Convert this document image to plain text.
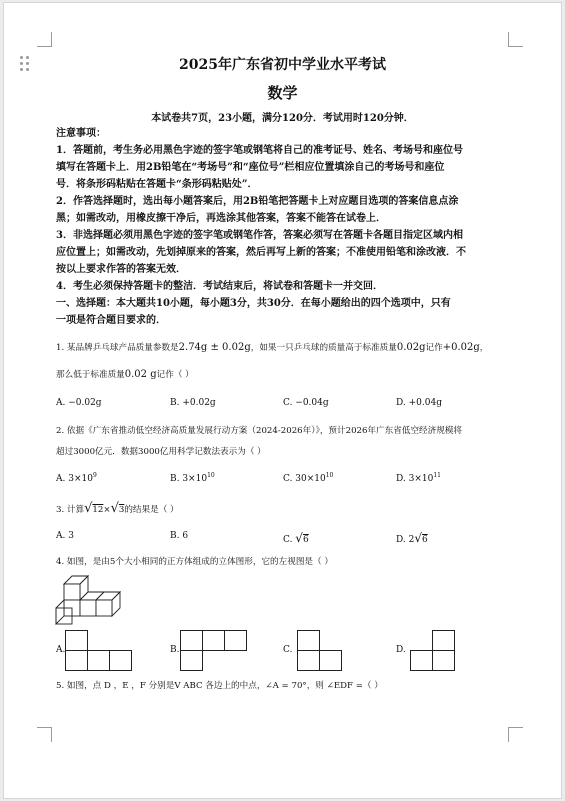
2025年广东省初中学业水平考试
数学
本试卷共7页，23小题，满分120分．考试用时120分钟．
注意事项：
1．答题前，考生务必用黑色字迹的签字笔或钢笔将自己的准考证号、姓名、考场号和座位号
填写在答题卡上．用2B铅笔在“考场号”和“座位号”栏相应位置填涂自己的考场号和座位
号．将条形码粘贴在答题卡“条形码粘贴处”．
2．作答选择题时，选出每小题答案后，用2B铅笔把答题卡上对应题目选项的答案信息点涂
黑；如需改动，用橡皮擦干净后，再选涂其他答案，答案不能答在试卷上．
3．非选择题必须用黑色字迹的签字笔或钢笔作答，答案必须写在答题卡各题目指定区域内相
应位置上；如需改动，先划掉原来的答案，然后再写上新的答案；不准使用铅笔和涂改液．不
按以上要求作答的答案无效．
4．考生必须保持答题卡的整洁．考试结束后，将试卷和答题卡一并交回．
一、选择题：本大题共10小题，每小题3分，共30分．在每小题给出的四个选项中，只有
一项是符合题目要求的．
1. 某品牌乒乓球产品质量参数是2.74g ± 0.02g，如果一只乒乓球的质量高于标准质量0.02g记作+0.02g，
那么低于标准质量0.02 g记作（ ）
A. −0.02g	B. +0.02g	C. −0.04g	D. +0.04g
2. 依据《广东省推动低空经济高质量发展行动方案（2024-2026年）》，预计2026年广东省低空经济规模将
超过3000亿元．数据3000亿用科学记数法表示为（ ）
A. $3\times 10^9$	B. $3\times 10^{10}$	C. $30\times 10^{10}$	D. $3\times 10^{11}$
3. 计算√12×√3的结果是（ ）
A. 3	B. 6	C. √6	D. 2√6
4. 如图，是由5个大小相同的正方体组成的立体图形，它的左视图是（ ）
A.	B.	C.	D.
5. 如图，点 D ，E ，F 分别是V ABC 各边上的中点，∠A = 70°，则 ∠EDF =（ ）
